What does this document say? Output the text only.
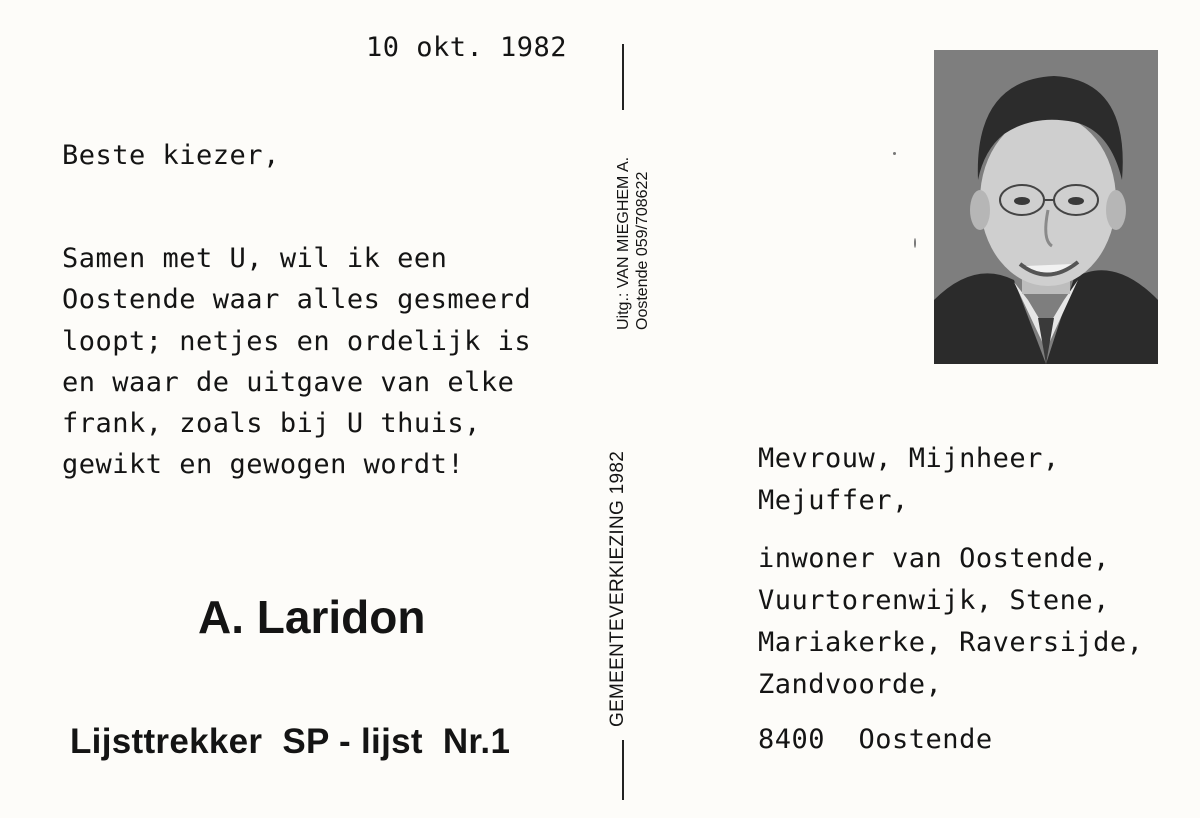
10 okt. 1982
Beste kiezer,
Samen met U, wil ik een
Oostende waar alles gesmeerd
loopt; netjes en ordelijk is
en waar de uitgave van elke
frank, zoals bij U thuis,
gewikt en gewogen wordt!
A. Laridon
Lijsttrekker  SP - lijst  Nr.1
GEMEENTEVERKIEZING 1982
Uitg.: VAN MIEGHEM A. Oostende 059/708622
Mevrouw, Mijnheer,
Mejuffer,
inwoner van Oostende,
Vuurtorenwijk, Stene,
Mariakerke, Raversijde,
Zandvoorde,
8400  Oostende
